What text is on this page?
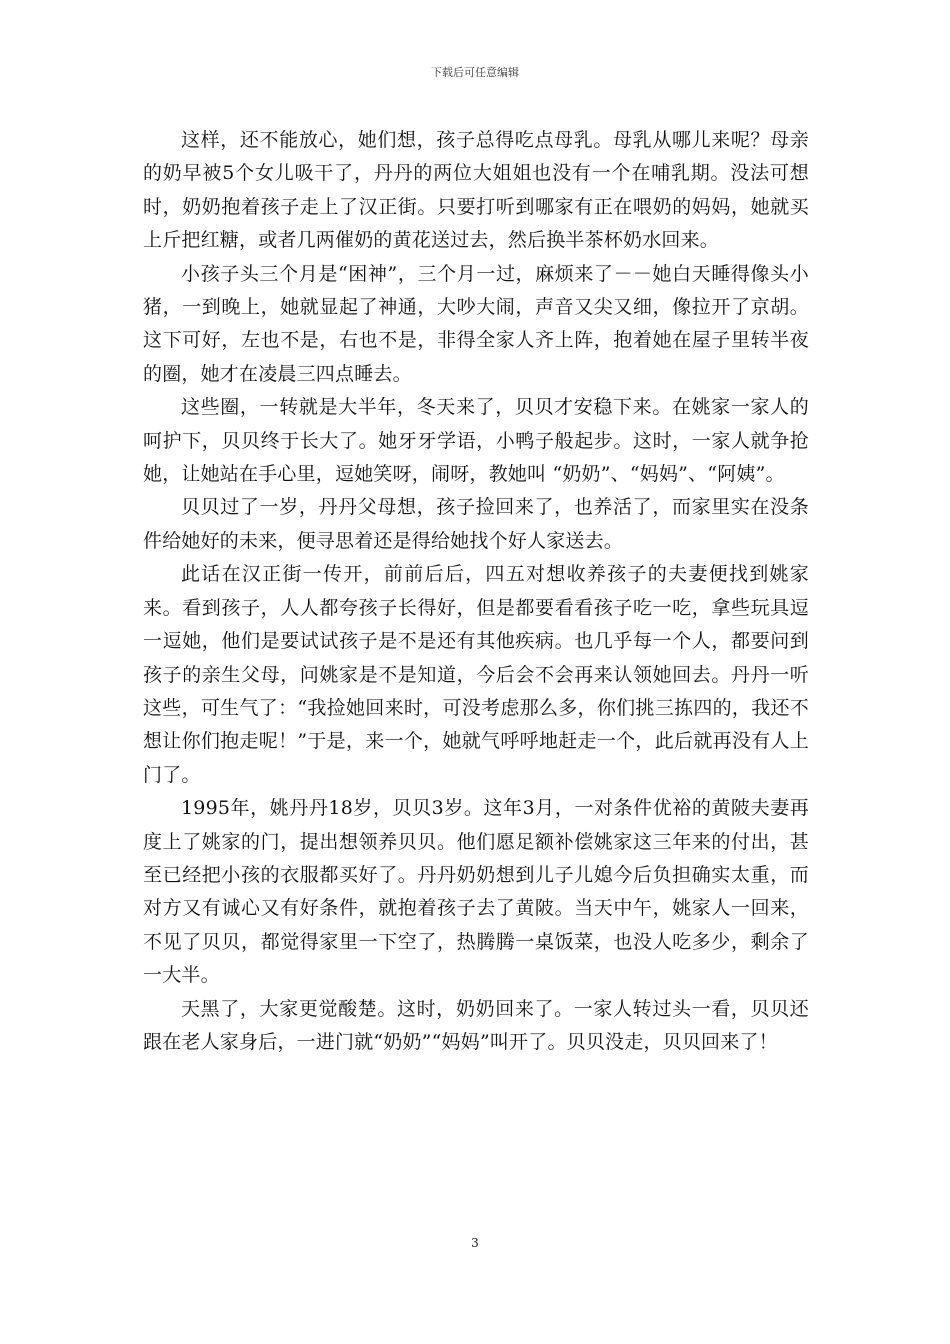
下载后可任意编辑

这样，还不能放心，她们想，孩子总得吃点母乳。母乳从哪儿来呢？母亲的奶早被5个女儿吸干了，丹丹的两位大姐姐也没有一个在哺乳期。没法可想时，奶奶抱着孩子走上了汉正街。只要打听到哪家有正在喂奶的妈妈，她就买上斤把红糖，或者几两催奶的黄花送过去，然后换半茶杯奶水回来。

小孩子头三个月是“困神”，三个月一过，麻烦来了－－她白天睡得像头小猪，一到晚上，她就显起了神通，大吵大闹，声音又尖又细，像拉开了京胡。这下可好，左也不是，右也不是，非得全家人齐上阵，抱着她在屋子里转半夜的圈，她才在凌晨三四点睡去。

这些圈，一转就是大半年，冬天来了，贝贝才安稳下来。在姚家一家人的呵护下，贝贝终于长大了。她牙牙学语，小鸭子般起步。这时，一家人就争抢她，让她站在手心里，逗她笑呀，闹呀，教她叫 “奶奶”、“妈妈”、“阿姨”。

贝贝过了一岁，丹丹父母想，孩子捡回来了，也养活了，而家里实在没条件给她好的未来，便寻思着还是得给她找个好人家送去。

此话在汉正街一传开，前前后后，四五对想收养孩子的夫妻便找到姚家来。看到孩子，人人都夸孩子长得好，但是都要看看孩子吃一吃，拿些玩具逗一逗她，他们是要试试孩子是不是还有其他疾病。也几乎每一个人，都要问到孩子的亲生父母，问姚家是不是知道，今后会不会再来认领她回去。丹丹一听这些，可生气了：“我捡她回来时，可没考虑那么多，你们挑三拣四的，我还不想让你们抱走呢！”于是，来一个，她就气呼呼地赶走一个，此后就再没有人上门了。

1995年，姚丹丹18岁，贝贝3岁。这年3月，一对条件优裕的黄陂夫妻再度上了姚家的门，提出想领养贝贝。他们愿足额补偿姚家这三年来的付出，甚至已经把小孩的衣服都买好了。丹丹奶奶想到儿子儿媳今后负担确实太重，而对方又有诚心又有好条件，就抱着孩子去了黄陂。当天中午，姚家人一回来，不见了贝贝，都觉得家里一下空了，热腾腾一桌饭菜，也没人吃多少，剩余了一大半。

天黑了，大家更觉酸楚。这时，奶奶回来了。一家人转过头一看，贝贝还跟在老人家身后，一进门就“奶奶”“妈妈”叫开了。贝贝没走，贝贝回来了！

3
